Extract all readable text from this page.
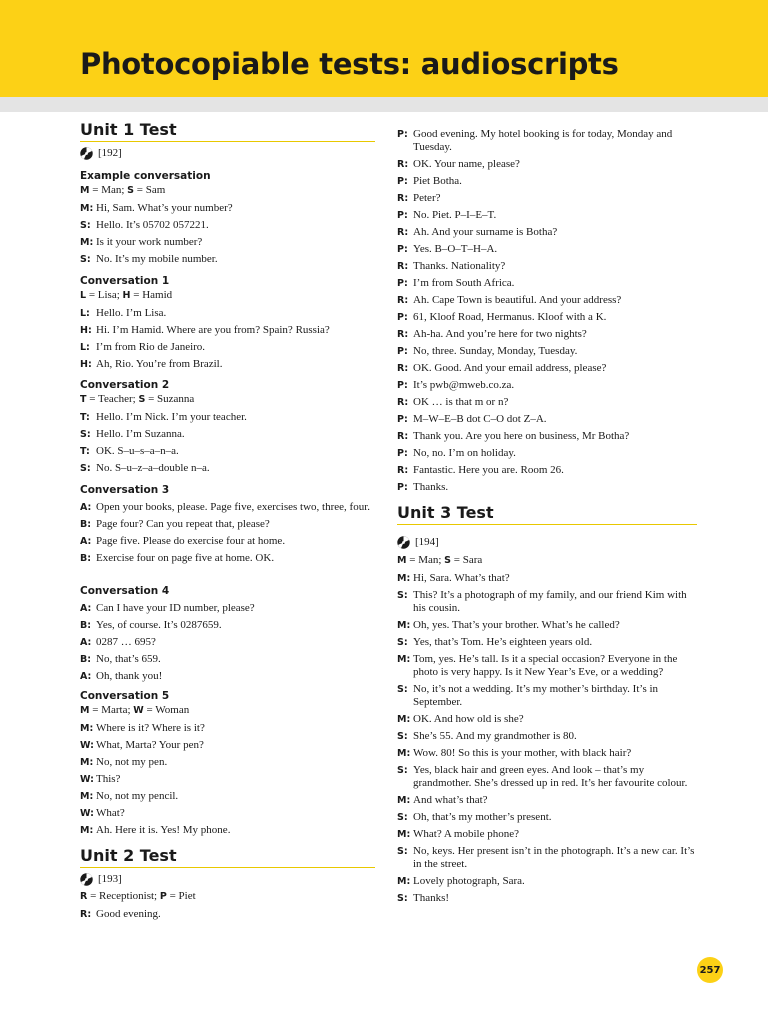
Photocopiable tests: audioscripts
Unit 1 Test
[192]
Example conversation
M = Man; S = Sam
M: Hi, Sam. What’s your number?
S: Hello. It’s 05702 057221.
M: Is it your work number?
S: No. It’s my mobile number.
Conversation 1
L = Lisa; H = Hamid
L: Hello. I’m Lisa.
H: Hi. I’m Hamid. Where are you from? Spain? Russia?
L: I’m from Rio de Janeiro.
H: Ah, Rio. You’re from Brazil.
Conversation 2
T = Teacher; S = Suzanna
T: Hello. I’m Nick. I’m your teacher.
S: Hello. I’m Suzanna.
T: OK. S–u–s–a–n–a.
S: No. S–u–z–a–double n–a.
Conversation 3
A: Open your books, please. Page five, exercises two, three, four.
B: Page four? Can you repeat that, please?
A: Page five. Please do exercise four at home.
B: Exercise four on page five at home. OK.
Conversation 4
A: Can I have your ID number, please?
B: Yes, of course. It’s 0287659.
A: 0287 … 695?
B: No, that’s 659.
A: Oh, thank you!
Conversation 5
M = Marta; W = Woman
M: Where is it? Where is it?
W: What, Marta? Your pen?
M: No, not my pen.
W: This?
M: No, not my pencil.
W: What?
M: Ah. Here it is. Yes! My phone.
Unit 2 Test
[193]
R = Receptionist; P = Piet
R: Good evening.
P: Good evening. My hotel booking is for today, Monday and Tuesday.
R: OK. Your name, please?
P: Piet Botha.
R: Peter?
P: No. Piet. P–I–E–T.
R: Ah. And your surname is Botha?
P: Yes. B–O–T–H–A.
R: Thanks. Nationality?
P: I’m from South Africa.
R: Ah. Cape Town is beautiful. And your address?
P: 61, Kloof Road, Hermanus. Kloof with a K.
R: Ah-ha. And you’re here for two nights?
P: No, three. Sunday, Monday, Tuesday.
R: OK. Good. And your email address, please?
P: It’s pwb@mweb.co.za.
R: OK … is that m or n?
P: M–W–E–B dot C–O dot Z–A.
R: Thank you. Are you here on business, Mr Botha?
P: No, no. I’m on holiday.
R: Fantastic. Here you are. Room 26.
P: Thanks.
Unit 3 Test
[194]
M = Man; S = Sara
M: Hi, Sara. What’s that?
S: This? It’s a photograph of my family, and our friend Kim with his cousin.
M: Oh, yes. That’s your brother. What’s he called?
S: Yes, that’s Tom. He’s eighteen years old.
M: Tom, yes. He’s tall. Is it a special occasion? Everyone in the photo is very happy. Is it New Year’s Eve, or a wedding?
S: No, it’s not a wedding. It’s my mother’s birthday. It’s in September.
M: OK. And how old is she?
S: She’s 55. And my grandmother is 80.
M: Wow. 80! So this is your mother, with black hair?
S: Yes, black hair and green eyes. And look – that’s my grandmother. She’s dressed up in red. It’s her favourite colour.
M: And what’s that?
S: Oh, that’s my mother’s present.
M: What? A mobile phone?
S: No, keys. Her present isn’t in the photograph. It’s a new car. It’s in the street.
M: Lovely photograph, Sara.
S: Thanks!
257
